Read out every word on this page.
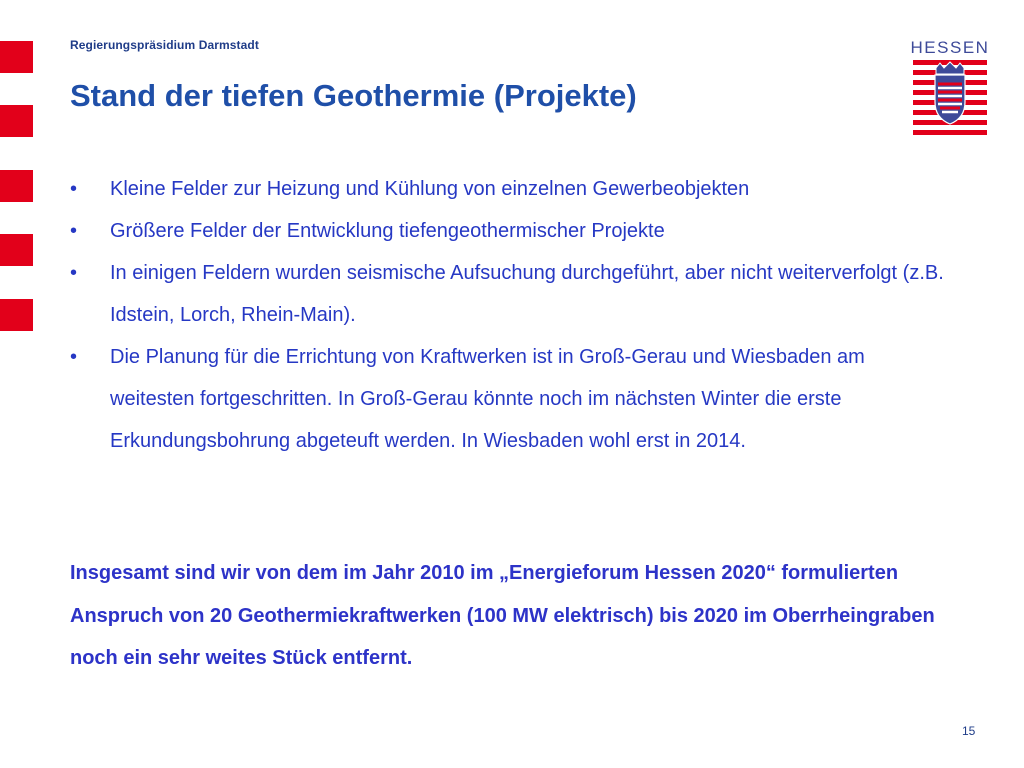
Regierungspräsidium Darmstadt
Stand der tiefen Geothermie (Projekte)
HESSEN
• Kleine Felder zur Heizung und Kühlung von einzelnen Gewerbeobjekten
• Größere Felder der Entwicklung tiefengeothermischer Projekte
• In einigen Feldern wurden seismische Aufsuchung durchgeführt, aber nicht weiterverfolgt (z.B. Idstein, Lorch, Rhein-Main).
• Die Planung für die Errichtung von Kraftwerken ist in Groß-Gerau und Wiesbaden am weitesten fortgeschritten. In Groß-Gerau könnte noch im nächsten Winter die erste Erkundungsbohrung abgeteuft werden. In Wiesbaden wohl erst in 2014.

Insgesamt sind wir von dem im Jahr 2010 im „Energieforum Hessen 2020“ formulierten Anspruch von 20 Geothermiekraftwerken (100 MW elektrisch) bis 2020 im Oberrheingraben noch ein sehr weites Stück entfernt.

15
